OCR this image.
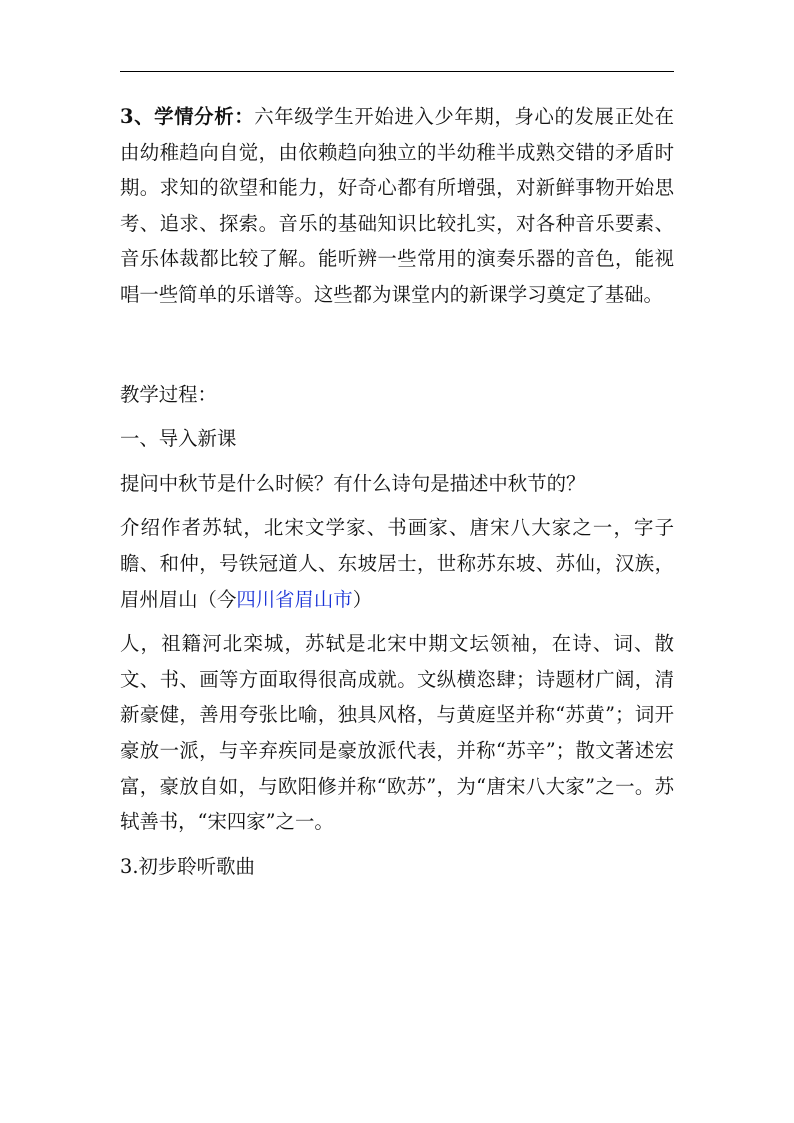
3、学情分析：六年级学生开始进入少年期，身心的发展正处在由幼稚趋向自觉，由依赖趋向独立的半幼稚半成熟交错的矛盾时期。求知的欲望和能力，好奇心都有所增强，对新鲜事物开始思考、追求、探索。音乐的基础知识比较扎实，对各种音乐要素、音乐体裁都比较了解。能听辨一些常用的演奏乐器的音色，能视唱一些简单的乐谱等。这些都为课堂内的新课学习奠定了基础。

教学过程：

一、导入新课

提问中秋节是什么时候？有什么诗句是描述中秋节的？

介绍作者苏轼，北宋文学家、书画家、唐宋八大家之一，字子瞻、和仲，号铁冠道人、东坡居士，世称苏东坡、苏仙，汉族，眉州眉山（今四川省眉山市）

人，祖籍河北栾城，苏轼是北宋中期文坛领袖，在诗、词、散文、书、画等方面取得很高成就。文纵横恣肆；诗题材广阔，清新豪健，善用夸张比喻，独具风格，与黄庭坚并称“苏黄”；词开豪放一派，与辛弃疾同是豪放派代表，并称“苏辛”；散文著述宏富，豪放自如，与欧阳修并称“欧苏”，为“唐宋八大家”之一。苏轼善书，“宋四家”之一。

3.初步聆听歌曲
